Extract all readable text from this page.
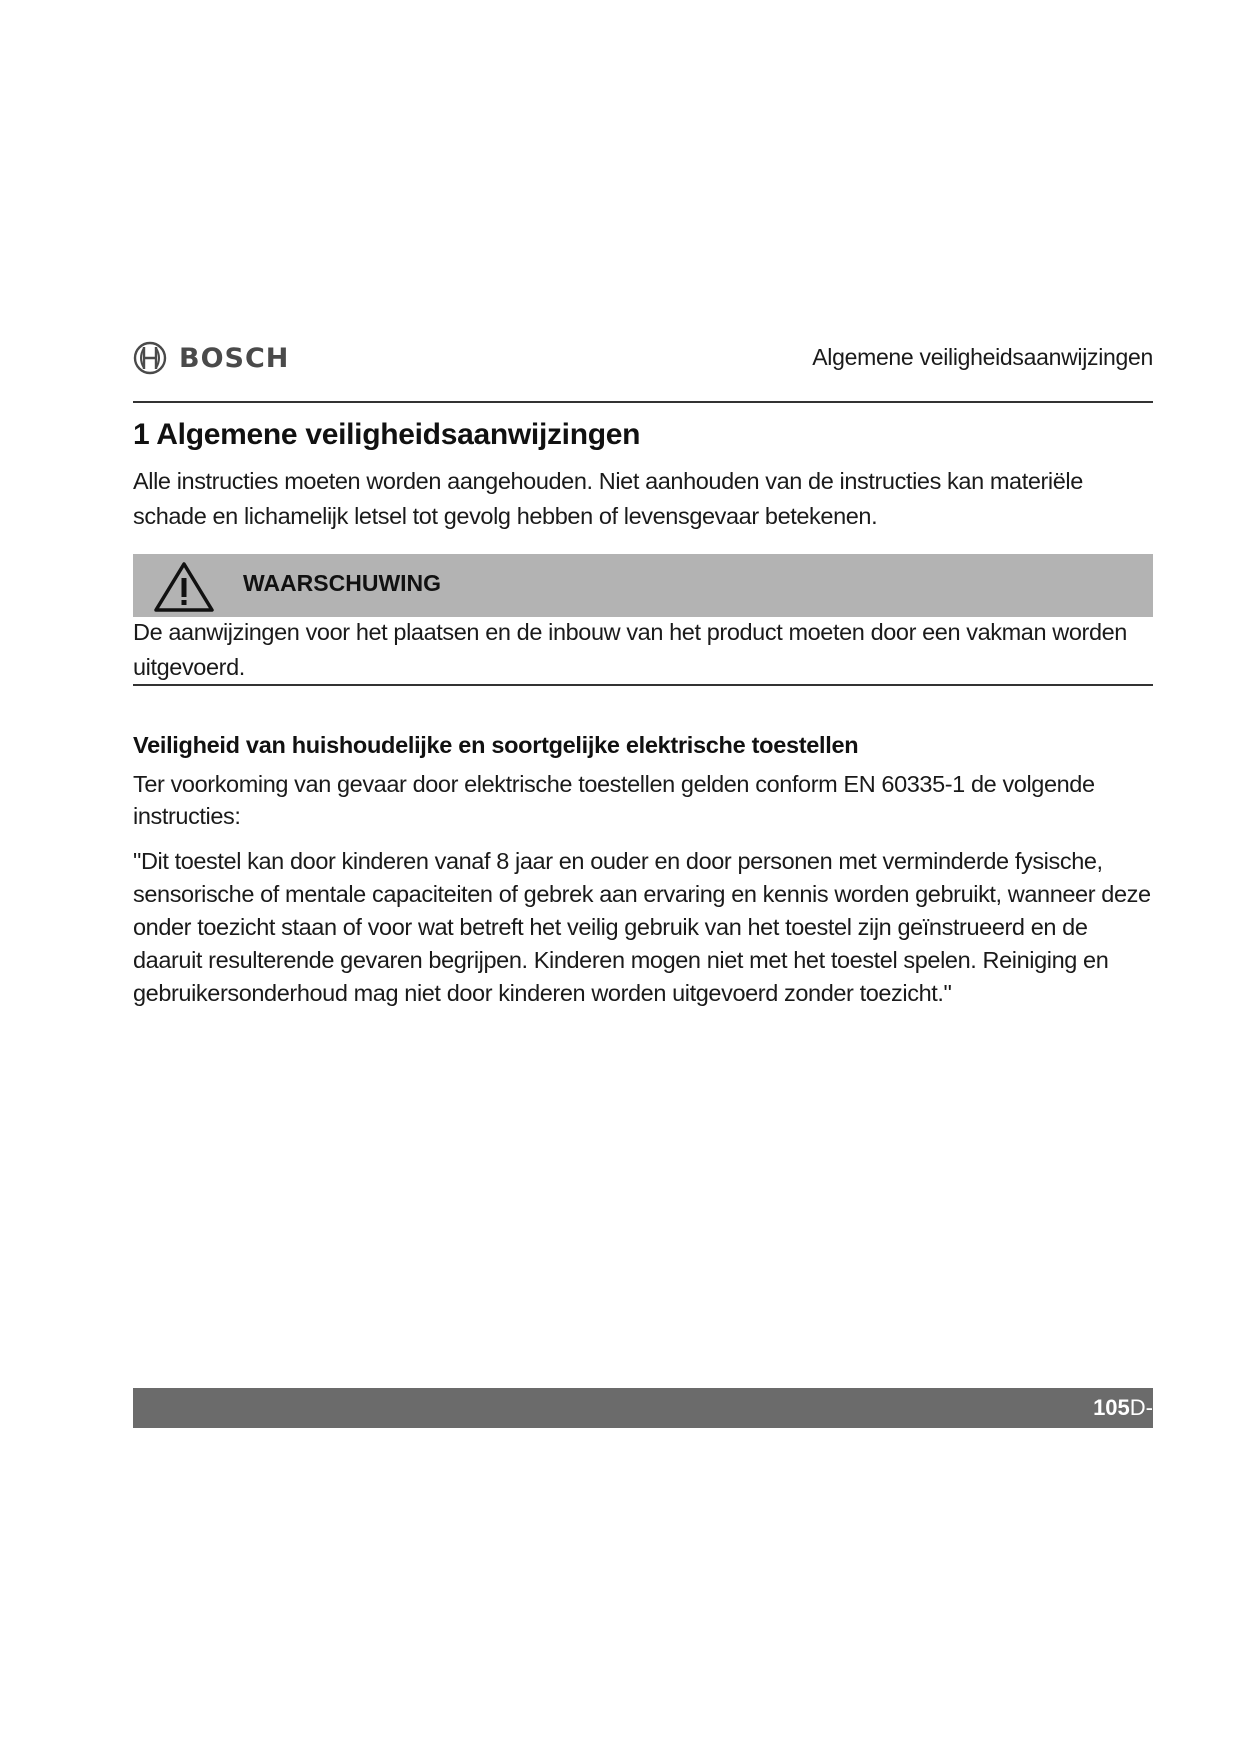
BOSCH	Algemene veiligheidsaanwijzingen
1 Algemene veiligheidsaanwijzingen

Alle instructies moeten worden aangehouden. Niet aanhouden van de instructies kan materiële schade en lichamelijk letsel tot gevolg hebben of levensgevaar betekenen.

WAARSCHUWING

De aanwijzingen voor het plaatsen en de inbouw van het product moeten door een vakman worden uitgevoerd.

Veiligheid van huishoudelijke en soortgelijke elektrische toestellen

Ter voorkoming van gevaar door elektrische toestellen gelden conform EN 60335-1 de volgende instructies:

"Dit toestel kan door kinderen vanaf 8 jaar en ouder en door personen met verminderde fysische, sensorische of mentale capaciteiten of gebrek aan ervaring en kennis worden gebruikt, wanneer deze onder toezicht staan of voor wat betreft het veilig gebruik van het toestel zijn geïnstrueerd en de daaruit resulterende gevaren begrijpen. Kinderen mogen niet met het toestel spelen. Reiniging en gebruikersonderhoud mag niet door kinderen worden uitgevoerd zonder toezicht."

105D-
